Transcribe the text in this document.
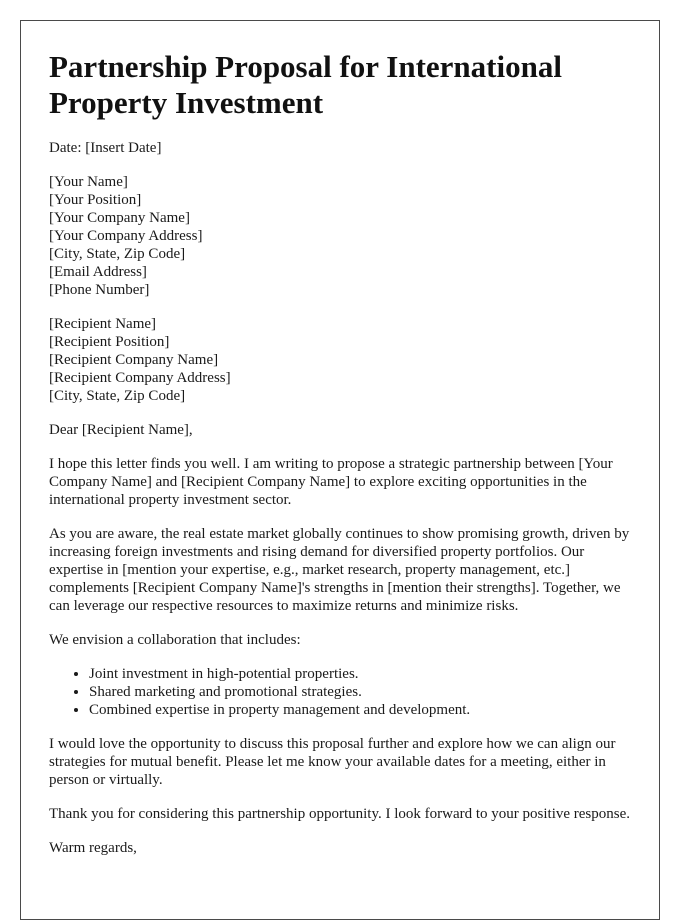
Partnership Proposal for International Property Investment

Date: [Insert Date]

[Your Name]
[Your Position]
[Your Company Name]
[Your Company Address]
[City, State, Zip Code]
[Email Address]
[Phone Number]
[Recipient Name]
[Recipient Position]
[Recipient Company Name]
[Recipient Company Address]
[City, State, Zip Code]

Dear [Recipient Name],

I hope this letter finds you well. I am writing to propose a strategic partnership between [Your Company Name] and [Recipient Company Name] to explore exciting opportunities in the international property investment sector.

As you are aware, the real estate market globally continues to show promising growth, driven by increasing foreign investments and rising demand for diversified property portfolios. Our expertise in [mention your expertise, e.g., market research, property management, etc.] complements [Recipient Company Name]'s strengths in [mention their strengths]. Together, we can leverage our respective resources to maximize returns and minimize risks.

We envision a collaboration that includes:

• Joint investment in high-potential properties.
• Shared marketing and promotional strategies.
• Combined expertise in property management and development.

I would love the opportunity to discuss this proposal further and explore how we can align our strategies for mutual benefit. Please let me know your available dates for a meeting, either in person or virtually.

Thank you for considering this partnership opportunity. I look forward to your positive response.

Warm regards,
